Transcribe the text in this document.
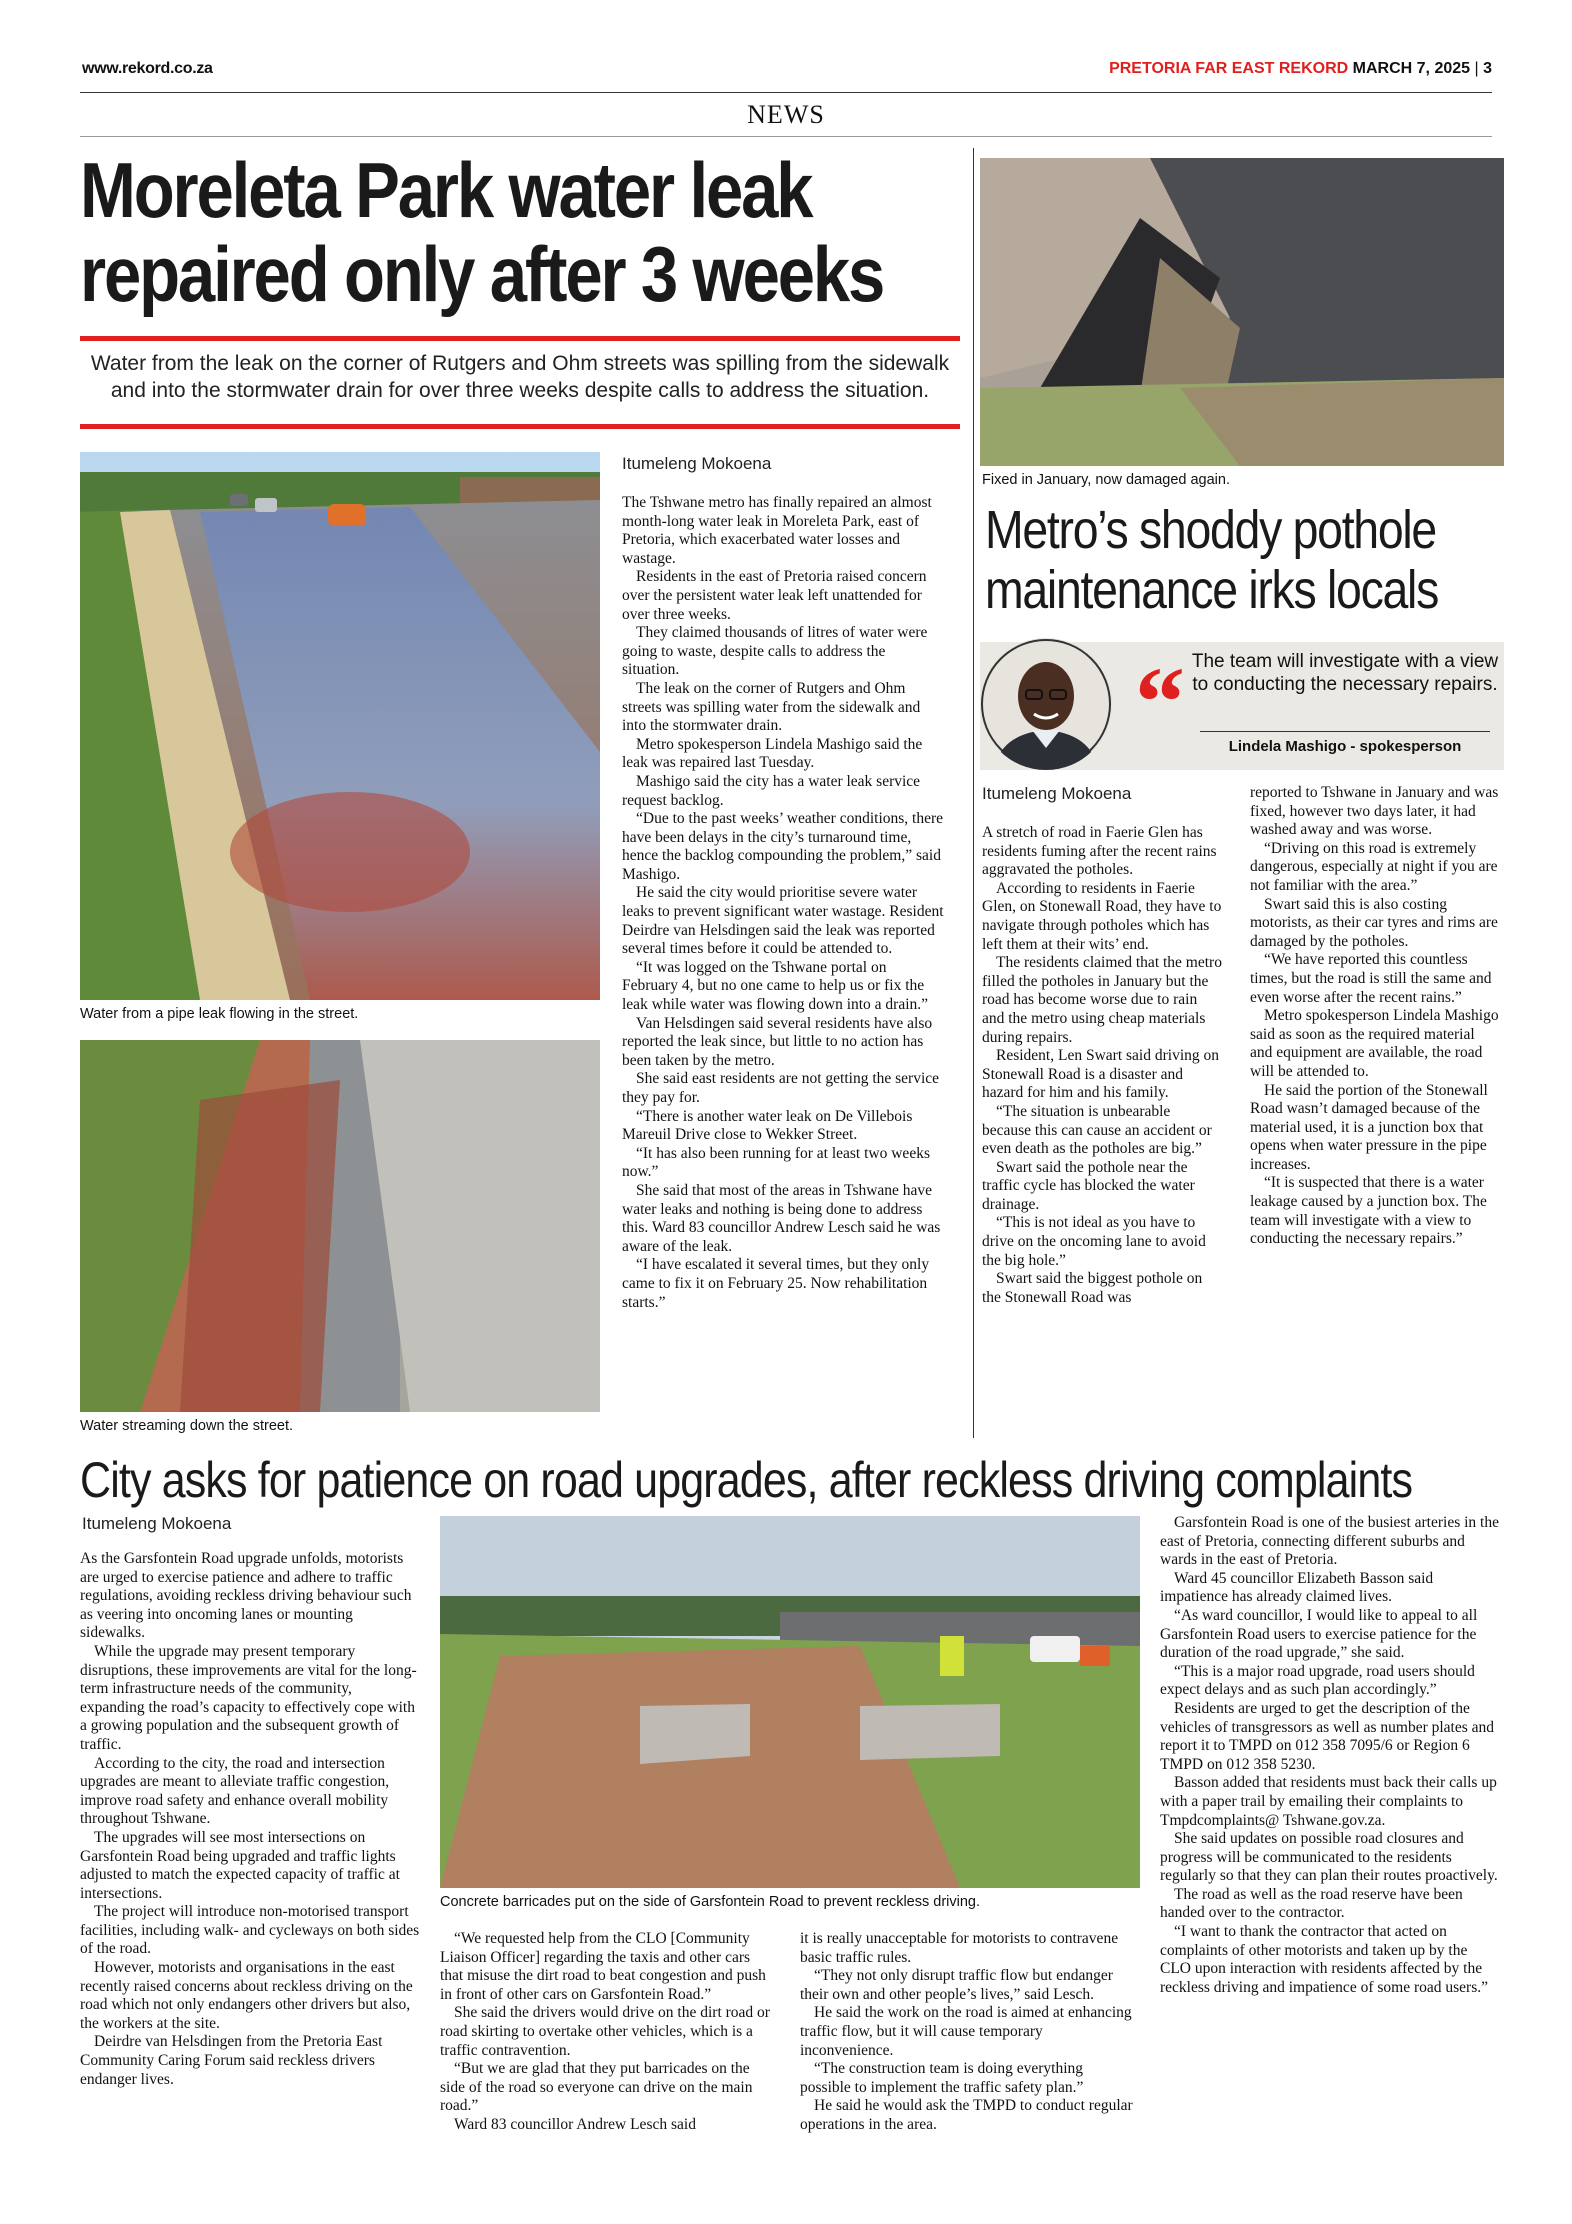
www.rekord.co.za	PRETORIA FAR EAST REKORD MARCH 7, 2025 | 3
NEWS
Moreleta Park water leak
repaired only after 3 weeks
Water from the leak on the corner of Rutgers and Ohm streets was spilling from the sidewalk and into the stormwater drain for over three weeks despite calls to address the situation.
Water from a pipe leak flowing in the street.
Water streaming down the street.
Itumeleng Mokoena

The Tshwane metro has finally repaired an almost month-long water leak in Moreleta Park, east of Pretoria, which exacerbated water losses and wastage.

Residents in the east of Pretoria raised concern over the persistent water leak left unattended for over three weeks.

They claimed thousands of litres of water were going to waste, despite calls to address the situation.

The leak on the corner of Rutgers and Ohm streets was spilling water from the sidewalk and into the stormwater drain.

Metro spokesperson Lindela Mashigo said the leak was repaired last Tuesday.

Mashigo said the city has a water leak service request backlog.

“Due to the past weeks’ weather conditions, there have been delays in the city’s turnaround time, hence the backlog compounding the problem,” said Mashigo.

He said the city would prioritise severe water leaks to prevent significant water wastage. Resident Deirdre van Helsdingen said the leak was reported several times before it could be attended to.

“It was logged on the Tshwane portal on February 4, but no one came to help us or fix the leak while water was flowing down into a drain.”

Van Helsdingen said several residents have also reported the leak since, but little to no action has been taken by the metro.

She said east residents are not getting the service they pay for.

“There is another water leak on De Villebois Mareuil Drive close to Wekker Street.

“It has also been running for at least two weeks now.”

She said that most of the areas in Tshwane have water leaks and nothing is being done to address this. Ward 83 councillor Andrew Lesch said he was aware of the leak.

“I have escalated it several times, but they only came to fix it on February 25. Now rehabilitation starts.”

Fixed in January, now damaged again.
Metro’s shoddy pothole
maintenance irks locals
“ The team will investigate with a view to conducting the necessary repairs.
Lindela Mashigo - spokesperson
Itumeleng Mokoena

A stretch of road in Faerie Glen has residents fuming after the recent rains aggravated the potholes.

According to residents in Faerie Glen, on Stonewall Road, they have to navigate through potholes which has left them at their wits’ end.

The residents claimed that the metro filled the potholes in January but the road has become worse due to rain and the metro using cheap materials during repairs.

Resident, Len Swart said driving on Stonewall Road is a disaster and hazard for him and his family.

“The situation is unbearable because this can cause an accident or even death as the potholes are big.”

Swart said the pothole near the traffic cycle has blocked the water drainage.

“This is not ideal as you have to drive on the oncoming lane to avoid the big hole.”

Swart said the biggest pothole on the Stonewall Road was

reported to Tshwane in January and was fixed, however two days later, it had washed away and was worse.

“Driving on this road is extremely dangerous, especially at night if you are not familiar with the area.”

Swart said this is also costing motorists, as their car tyres and rims are damaged by the potholes.

“We have reported this countless times, but the road is still the same and even worse after the recent rains.”

Metro spokesperson Lindela Mashigo said as soon as the required material and equipment are available, the road will be attended to.

He said the portion of the Stonewall Road wasn’t damaged because of the material used, it is a junction box that opens when water pressure in the pipe increases.

“It is suspected that there is a water leakage caused by a junction box. The team will investigate with a view to conducting the necessary repairs.”

City asks for patience on road upgrades, after reckless driving complaints
Itumeleng Mokoena
Concrete barricades put on the side of Garsfontein Road to prevent reckless driving.

As the Garsfontein Road upgrade unfolds, motorists are urged to exercise patience and adhere to traffic regulations, avoiding reckless driving behaviour such as veering into oncoming lanes or mounting sidewalks.

While the upgrade may present temporary disruptions, these improvements are vital for the long-term infrastructure needs of the community, expanding the road’s capacity to effectively cope with a growing population and the subsequent growth of traffic.

According to the city, the road and intersection upgrades are meant to alleviate traffic congestion, improve road safety and enhance overall mobility throughout Tshwane.

The upgrades will see most intersections on Garsfontein Road being upgraded and traffic lights adjusted to match the expected capacity of traffic at intersections.

The project will introduce non-motorised transport facilities, including walk- and cycleways on both sides of the road.

However, motorists and organisations in the east recently raised concerns about reckless driving on the road which not only endangers other drivers but also, the workers at the site.

Deirdre van Helsdingen from the Pretoria East Community Caring Forum said reckless drivers endanger lives.

“We requested help from the CLO [Community Liaison Officer] regarding the taxis and other cars that misuse the dirt road to beat congestion and push in front of other cars on Garsfontein Road.”

She said the drivers would drive on the dirt road or road skirting to overtake other vehicles, which is a traffic contravention.

“But we are glad that they put barricades on the side of the road so everyone can drive on the main road.”

Ward 83 councillor Andrew Lesch said

it is really unacceptable for motorists to contravene basic traffic rules.

“They not only disrupt traffic flow but endanger their own and other people’s lives,” said Lesch.

He said the work on the road is aimed at enhancing traffic flow, but it will cause temporary inconvenience.

“The construction team is doing everything possible to implement the traffic safety plan.”

He said he would ask the TMPD to conduct regular operations in the area.

Garsfontein Road is one of the busiest arteries in the east of Pretoria, connecting different suburbs and wards in the east of Pretoria.

Ward 45 councillor Elizabeth Basson said impatience has already claimed lives.

“As ward councillor, I would like to appeal to all Garsfontein Road users to exercise patience for the duration of the road upgrade,” she said.

“This is a major road upgrade, road users should expect delays and as such plan accordingly.”

Residents are urged to get the description of the vehicles of transgressors as well as number plates and report it to TMPD on 012 358 7095/6 or Region 6 TMPD on 012 358 5230.

Basson added that residents must back their calls up with a paper trail by emailing their complaints to Tmpdcomplaints@ Tshwane.gov.za.

She said updates on possible road closures and progress will be communicated to the residents regularly so that they can plan their routes proactively.

The road as well as the road reserve have been handed over to the contractor.

“I want to thank the contractor that acted on complaints of other motorists and taken up by the CLO upon interaction with residents affected by the reckless driving and impatience of some road users.”
